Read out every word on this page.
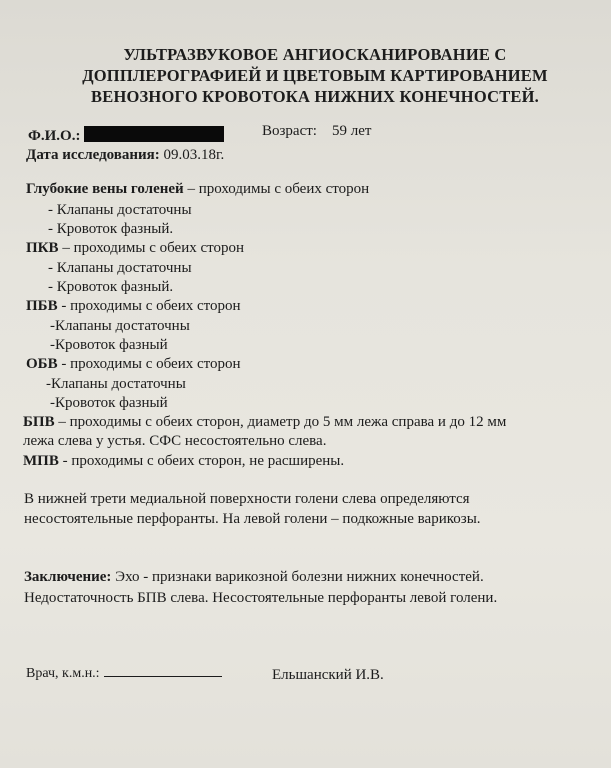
УЛЬТРАЗВУКОВОЕ АНГИОСКАНИРОВАНИЕ С
ДОППЛЕРОГРАФИЕЙ И ЦВЕТОВЫМ КАРТИРОВАНИЕМ
ВЕНОЗНОГО КРОВОТОКА НИЖНИХ КОНЕЧНОСТЕЙ.
Ф.И.О.:	Возраст: 59 лет
Дата исследования: 09.03.18г.
Глубокие вены голеней – проходимы с обеих сторон
- Клапаны достаточны
- Кровоток фазный.
ПКВ – проходимы с обеих сторон
- Клапаны достаточны
- Кровоток фазный.
ПБВ - проходимы с обеих сторон
-Клапаны достаточны
-Кровоток фазный
ОБВ - проходимы с обеих сторон
-Клапаны достаточны
-Кровоток фазный
БПВ – проходимы с обеих сторон, диаметр до 5 мм лежа справа и до 12 мм
лежа слева у устья. СФС несостоятельно слева.
МПВ - проходимы с обеих сторон, не расширены.
В нижней трети медиальной поверхности голени слева определяются
несостоятельные перфоранты. На левой голени – подкожные варикозы.
Заключение: Эхо - признаки варикозной болезни нижних конечностей.
Недостаточность БПВ слева. Несостоятельные перфоранты левой голени.
Врач, к.м.н.:	Ельшанский И.В.
